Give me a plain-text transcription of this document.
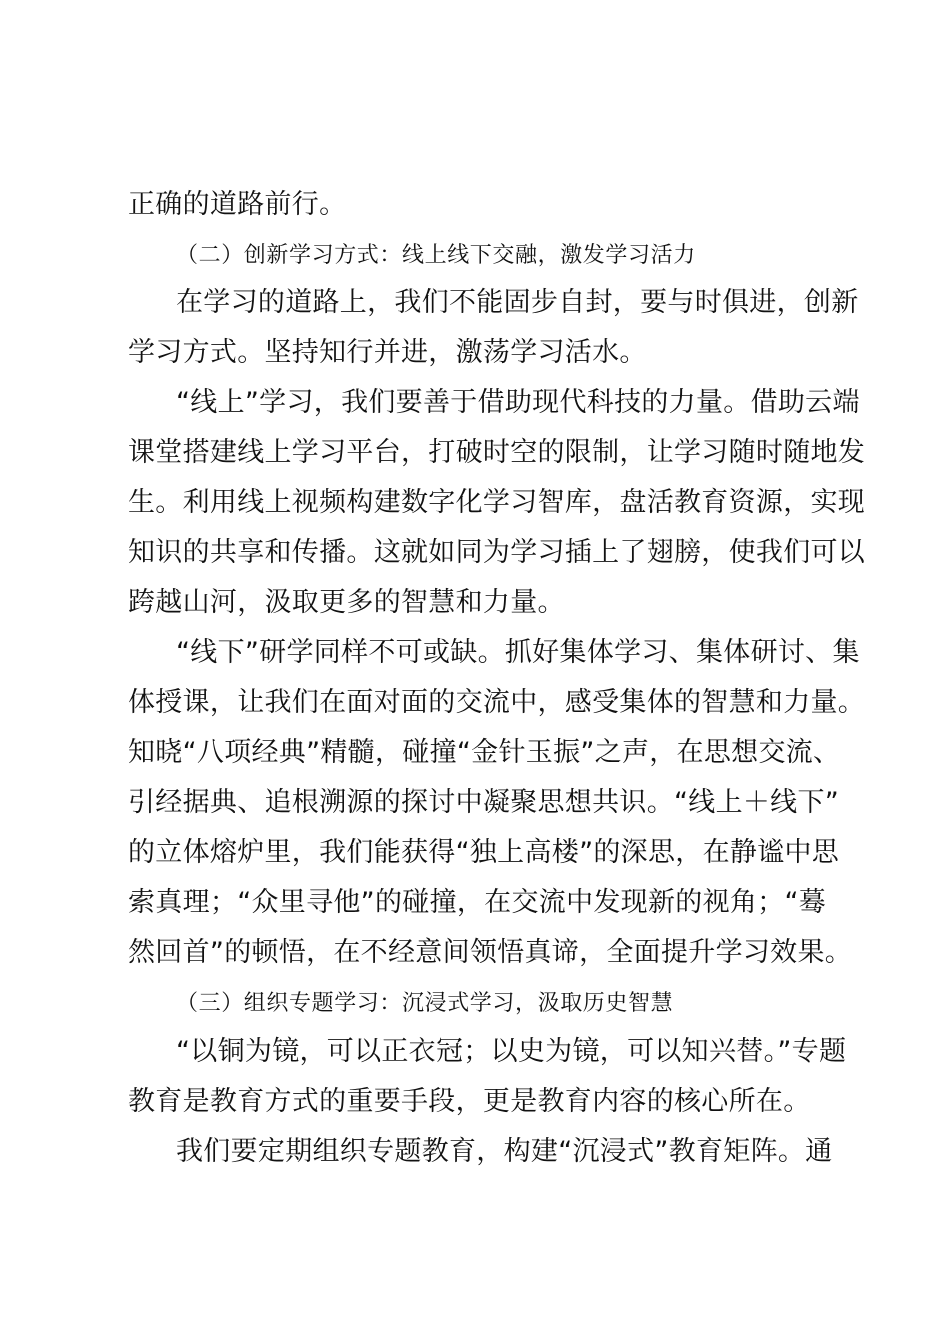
正确的道路前行。
（二）创新学习方式：线上线下交融，激发学习活力
在学习的道路上，我们不能固步自封，要与时俱进，创新
学习方式。坚持知行并进，激荡学习活水。
“线上”学习，我们要善于借助现代科技的力量。借助云端
课堂搭建线上学习平台，打破时空的限制，让学习随时随地发
生。利用线上视频构建数字化学习智库，盘活教育资源，实现
知识的共享和传播。这就如同为学习插上了翅膀，使我们可以
跨越山河，汲取更多的智慧和力量。
“线下”研学同样不可或缺。抓好集体学习、集体研讨、集
体授课，让我们在面对面的交流中，感受集体的智慧和力量。
知晓“八项经典”精髓，碰撞“金针玉振”之声，在思想交流、
引经据典、追根溯源的探讨中凝聚思想共识。“线上＋线下”
的立体熔炉里，我们能获得“独上高楼”的深思，在静谧中思
索真理；“众里寻他”的碰撞，在交流中发现新的视角；“蓦
然回首”的顿悟，在不经意间领悟真谛，全面提升学习效果。
（三）组织专题学习：沉浸式学习，汲取历史智慧
“以铜为镜，可以正衣冠；以史为镜，可以知兴替。”专题
教育是教育方式的重要手段，更是教育内容的核心所在。
我们要定期组织专题教育，构建“沉浸式”教育矩阵。通
